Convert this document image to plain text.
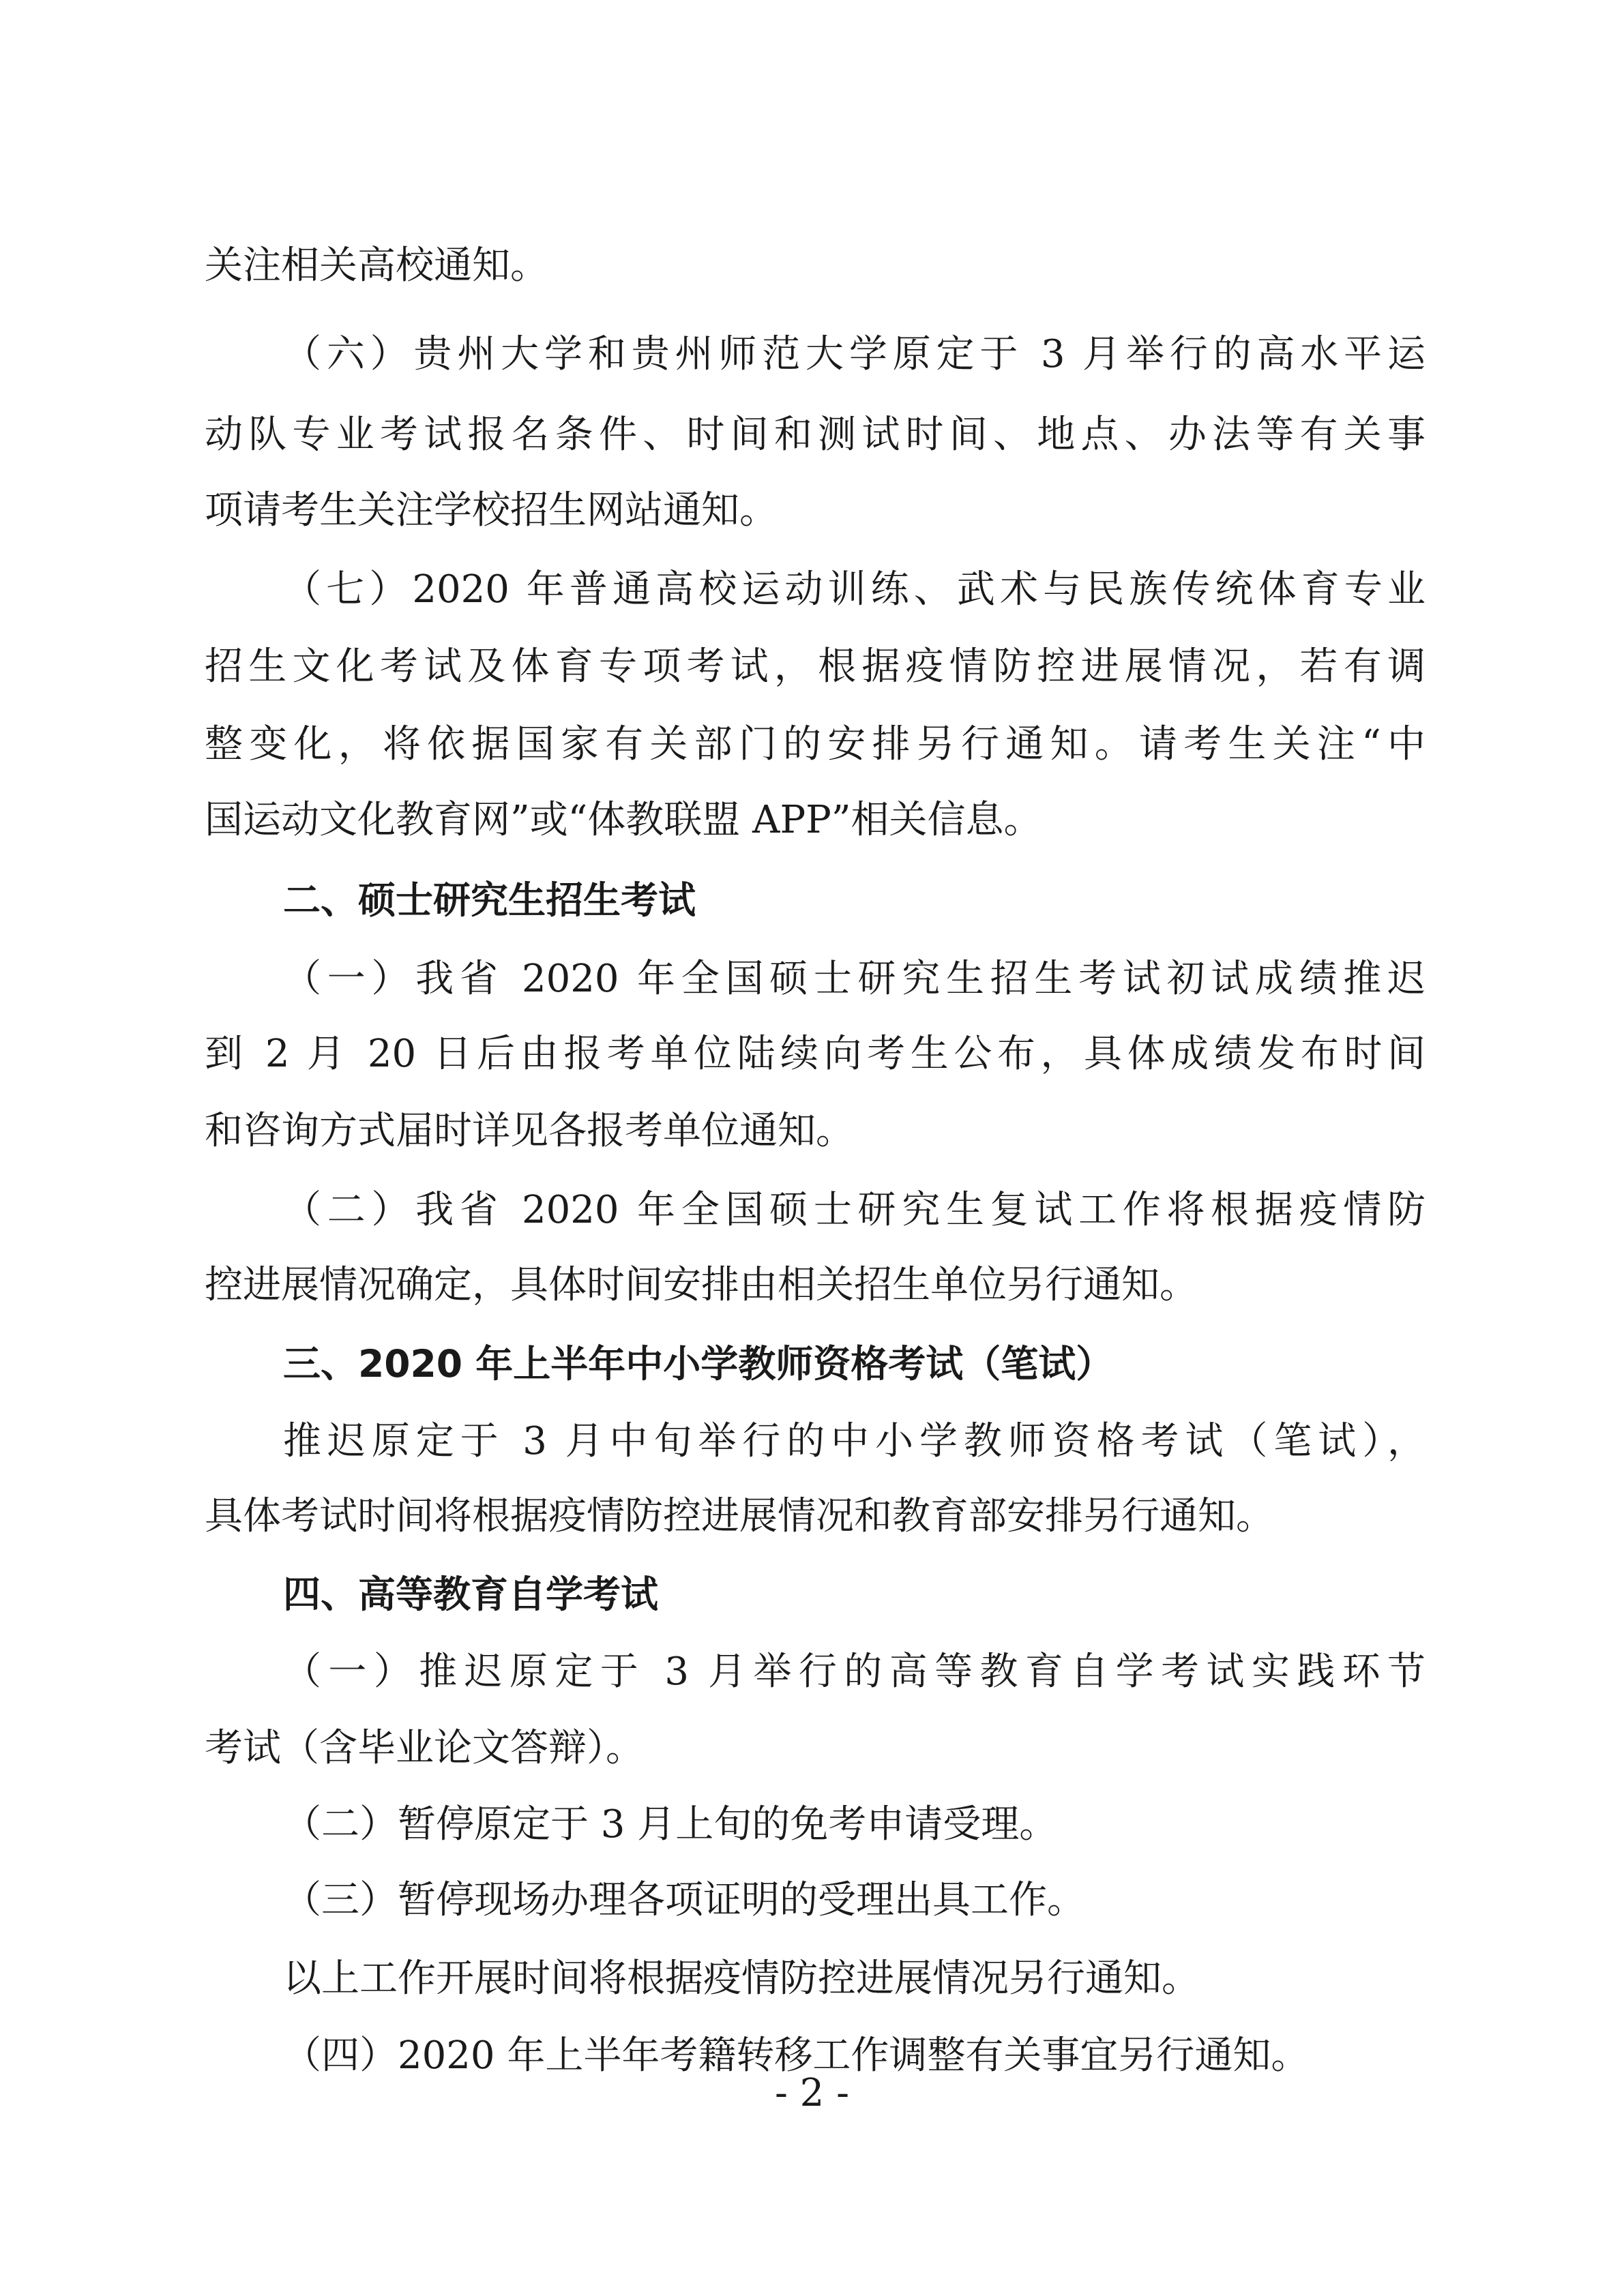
关注相关高校通知。
（六）贵州大学和贵州师范大学原定于 3 月举行的高水平运
动队专业考试报名条件、时间和测试时间、地点、办法等有关事
项请考生关注学校招生网站通知。
（七）2020 年普通高校运动训练、武术与民族传统体育专业
招生文化考试及体育专项考试，根据疫情防控进展情况，若有调
整变化，将依据国家有关部门的安排另行通知。请考生关注“中
国运动文化教育网”或“体教联盟 APP”相关信息。
二、硕士研究生招生考试
（一）我省 2020 年全国硕士研究生招生考试初试成绩推迟
到 2 月 20 日后由报考单位陆续向考生公布，具体成绩发布时间
和咨询方式届时详见各报考单位通知。
（二）我省 2020 年全国硕士研究生复试工作将根据疫情防
控进展情况确定，具体时间安排由相关招生单位另行通知。
三、2020 年上半年中小学教师资格考试（笔试）
推迟原定于 3 月中旬举行的中小学教师资格考试（笔试），
具体考试时间将根据疫情防控进展情况和教育部安排另行通知。
四、高等教育自学考试
（一）推迟原定于 3 月举行的高等教育自学考试实践环节
考试（含毕业论文答辩）。
（二）暂停原定于 3 月上旬的免考申请受理。
（三）暂停现场办理各项证明的受理出具工作。
以上工作开展时间将根据疫情防控进展情况另行通知。
（四）2020 年上半年考籍转移工作调整有关事宜另行通知。
- 2 -
